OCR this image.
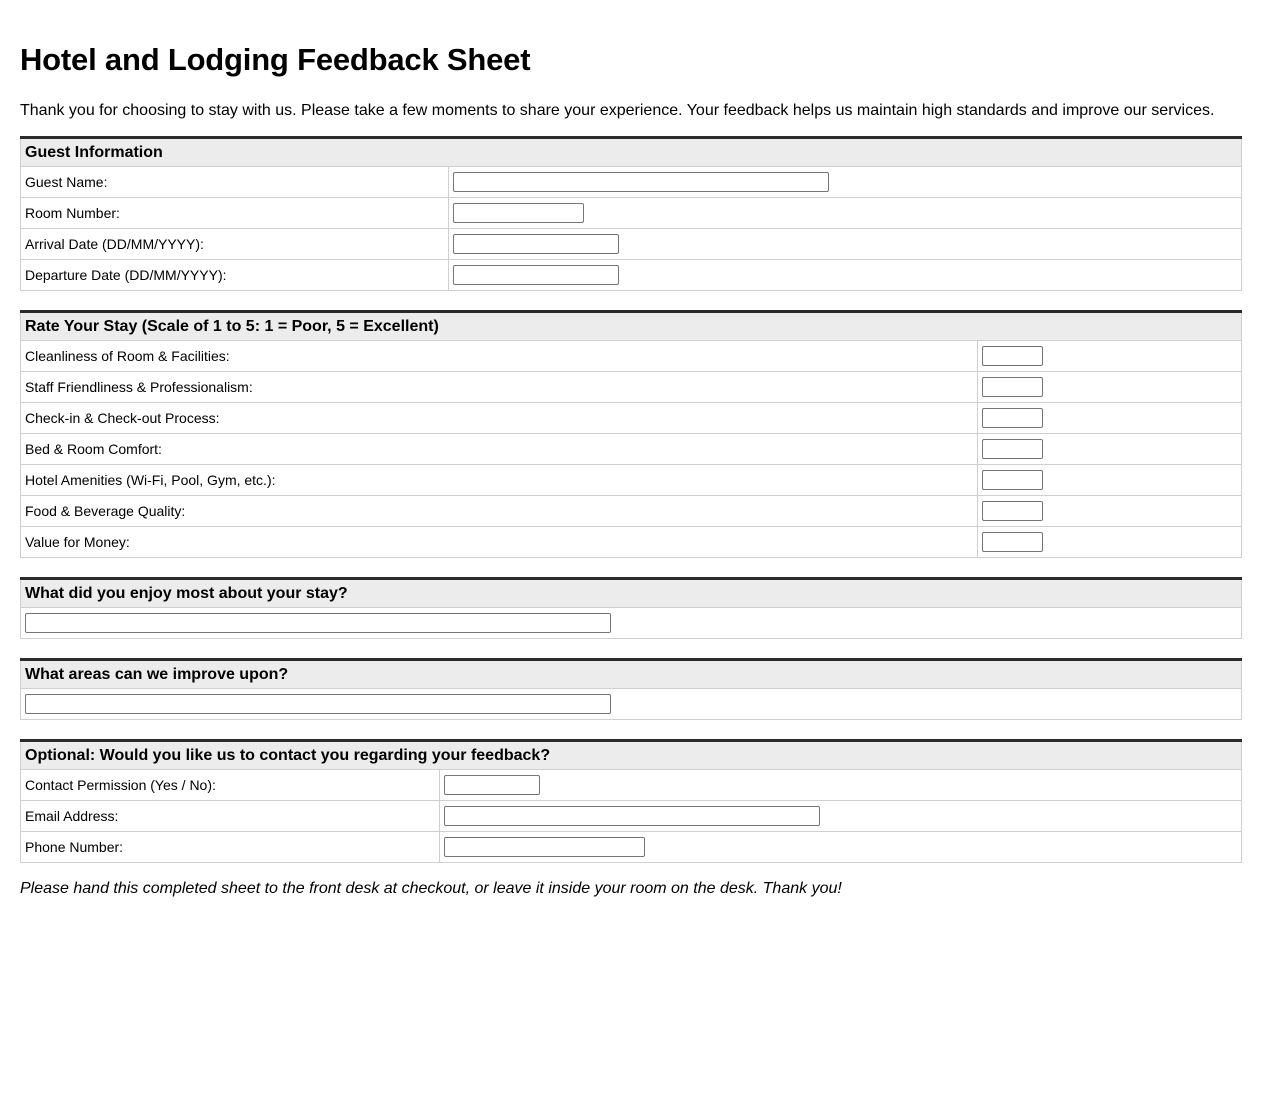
Hotel and Lodging Feedback Sheet

Thank you for choosing to stay with us. Please take a few moments to share your experience. Your feedback helps us maintain high standards and improve our services.

Guest Information	
Guest Name:	
Room Number:	
Arrival Date (DD/MM/YYYY):	
Departure Date (DD/MM/YYYY):	
Rate Your Stay (Scale of 1 to 5: 1 = Poor, 5 = Excellent)	
Cleanliness of Room & Facilities:	
Staff Friendliness & Professionalism:	
Check-in & Check-out Process:	
Bed & Room Comfort:	
Hotel Amenities (Wi-Fi, Pool, Gym, etc.):	
Food & Beverage Quality:	
Value for Money:	
What did you enjoy most about your stay?

What areas can we improve upon?

Optional: Would you like us to contact you regarding your feedback?	
Contact Permission (Yes / No):	
Email Address:	
Phone Number:	

Please hand this completed sheet to the front desk at checkout, or leave it inside your room on the desk. Thank you!
